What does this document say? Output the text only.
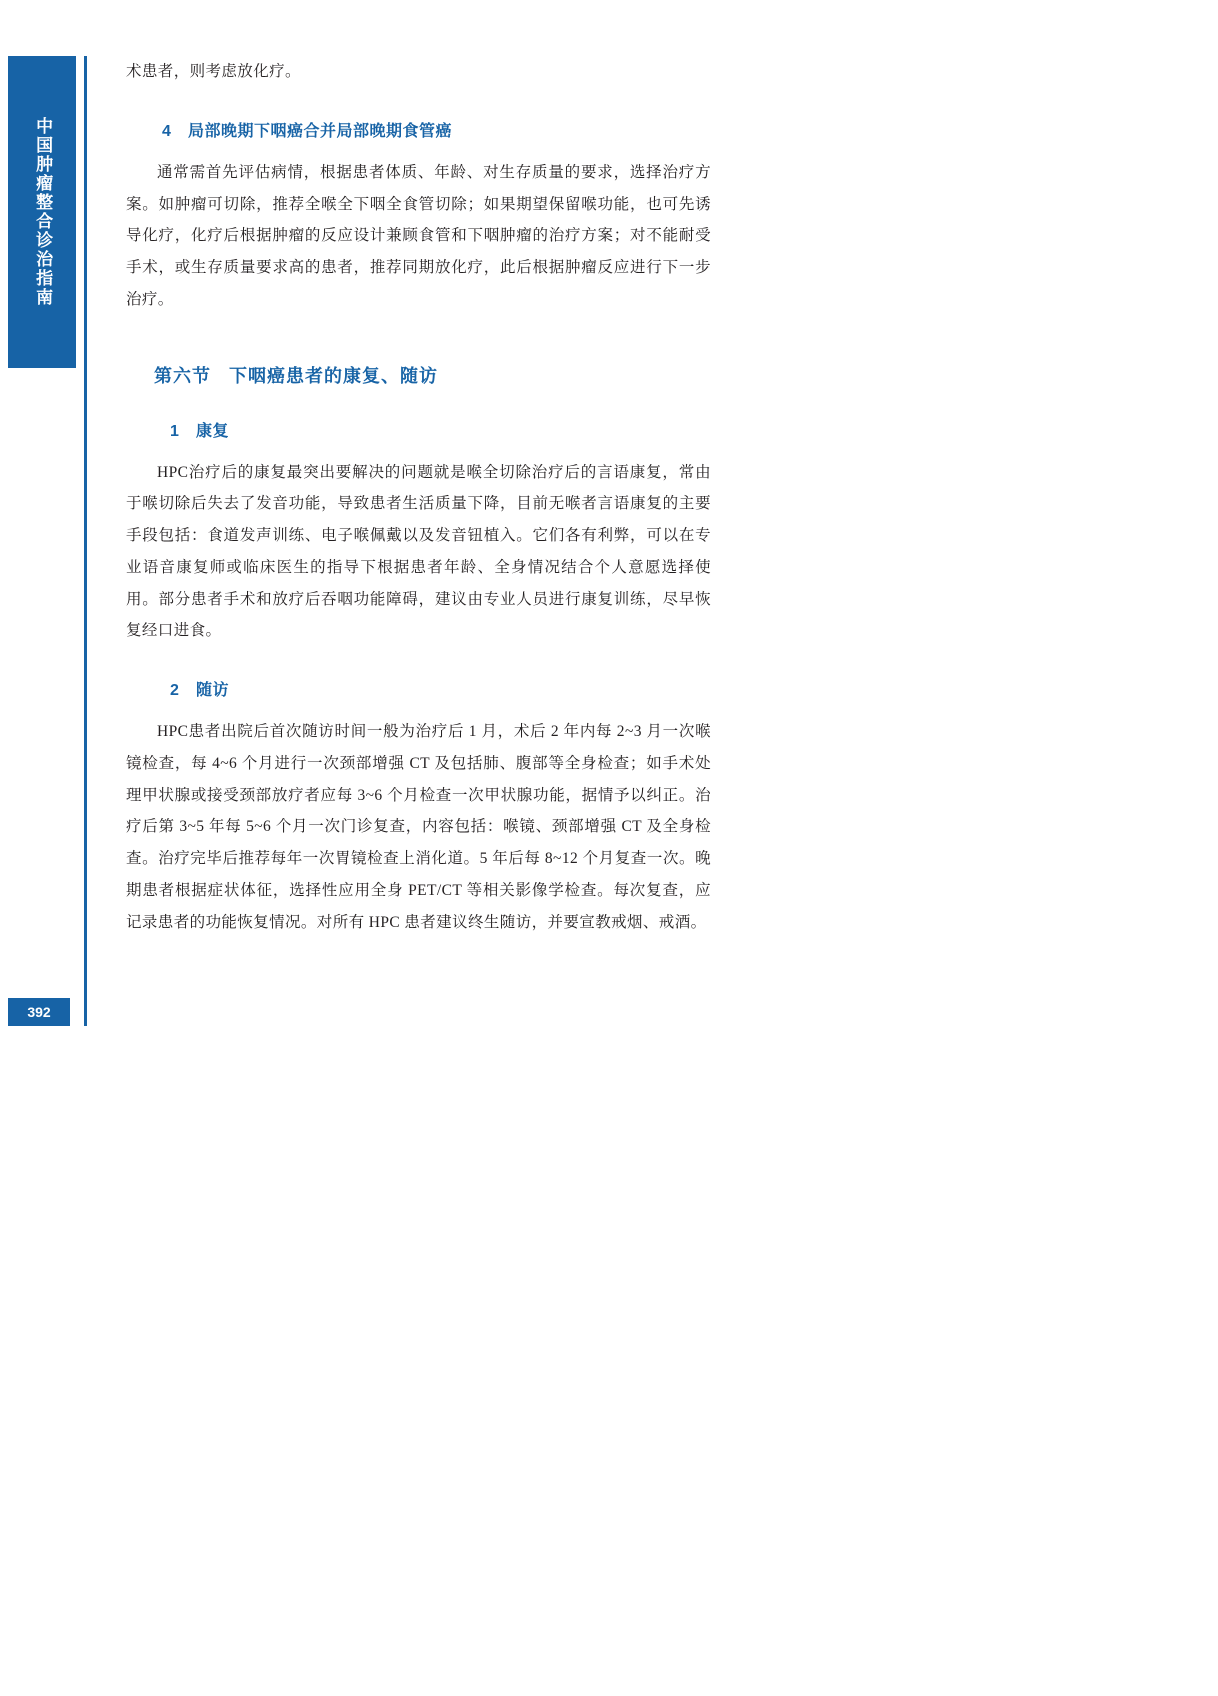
中国肿瘤整合诊治指南
392

术患者，则考虑放化疗。

4 局部晚期下咽癌合并局部晚期食管癌

通常需首先评估病情，根据患者体质、年龄、对生存质量的要求，选择治疗方案。如肿瘤可切除，推荐全喉全下咽全食管切除；如果期望保留喉功能，也可先诱导化疗，化疗后根据肿瘤的反应设计兼顾食管和下咽肿瘤的治疗方案；对不能耐受手术，或生存质量要求高的患者，推荐同期放化疗，此后根据肿瘤反应进行下一步治疗。

第六节 下咽癌患者的康复、随访
1 康复

HPC治疗后的康复最突出要解决的问题就是喉全切除治疗后的言语康复，常由于喉切除后失去了发音功能，导致患者生活质量下降，目前无喉者言语康复的主要手段包括：食道发声训练、电子喉佩戴以及发音钮植入。它们各有利弊，可以在专业语音康复师或临床医生的指导下根据患者年龄、全身情况结合个人意愿选择使用。部分患者手术和放疗后吞咽功能障碍，建议由专业人员进行康复训练，尽早恢复经口进食。

2 随访

HPC患者出院后首次随访时间一般为治疗后 1 月，术后 2 年内每 2~3 月一次喉镜检查，每 4~6 个月进行一次颈部增强 CT 及包括肺、腹部等全身检查；如手术处理甲状腺或接受颈部放疗者应每 3~6 个月检查一次甲状腺功能，据情予以纠正。治疗后第 3~5 年每 5~6 个月一次门诊复查，内容包括：喉镜、颈部增强 CT 及全身检查。治疗完毕后推荐每年一次胃镜检查上消化道。5 年后每 8~12 个月复查一次。晚期患者根据症状体征，选择性应用全身 PET/CT 等相关影像学检查。每次复查，应记录患者的功能恢复情况。对所有 HPC 患者建议终生随访，并要宣教戒烟、戒酒。
